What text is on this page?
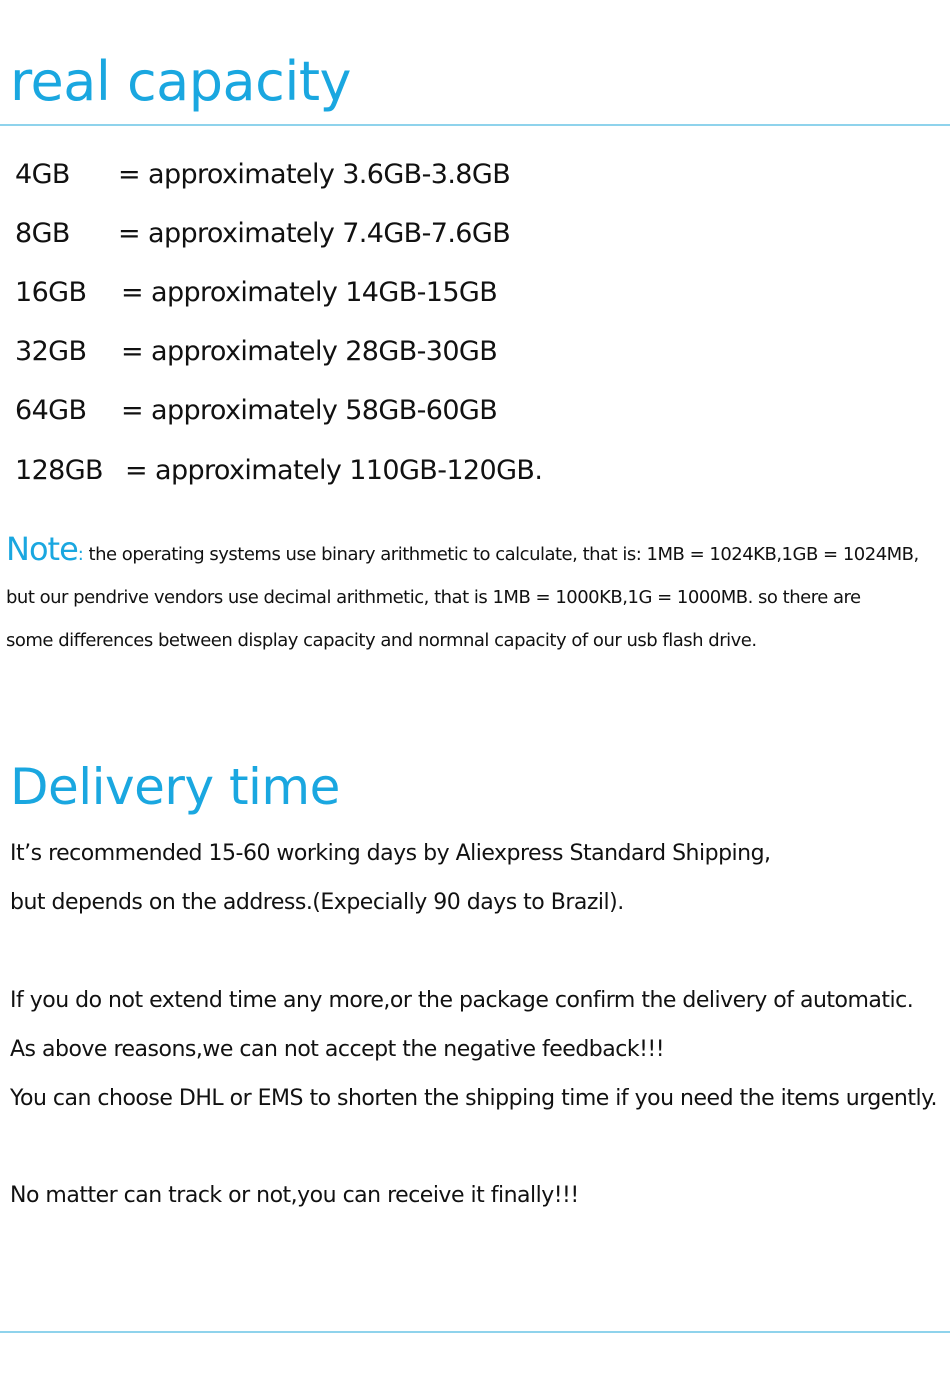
real capacity
4GB = approximately 3.6GB-3.8GB
8GB = approximately 7.4GB-7.6GB
16GB = approximately 14GB-15GB
32GB = approximately 28GB-30GB
64GB = approximately 58GB-60GB
128GB = approximately 110GB-120GB.
Note: the operating systems use binary arithmetic to calculate, that is: 1MB = 1024KB,1GB = 1024MB,
but our pendrive vendors use decimal arithmetic, that is 1MB = 1000KB,1G = 1000MB. so there are
some differences between display capacity and normnal capacity of our usb flash drive.
Delivery time
It’s recommended 15-60 working days by Aliexpress Standard Shipping,
but depends on the address.(Expecially 90 days to Brazil).
If you do not extend time any more,or the package confirm the delivery of automatic.
As above reasons,we can not accept the negative feedback!!!
You can choose DHL or EMS to shorten the shipping time if you need the items urgently.
No matter can track or not,you can receive it finally!!!
